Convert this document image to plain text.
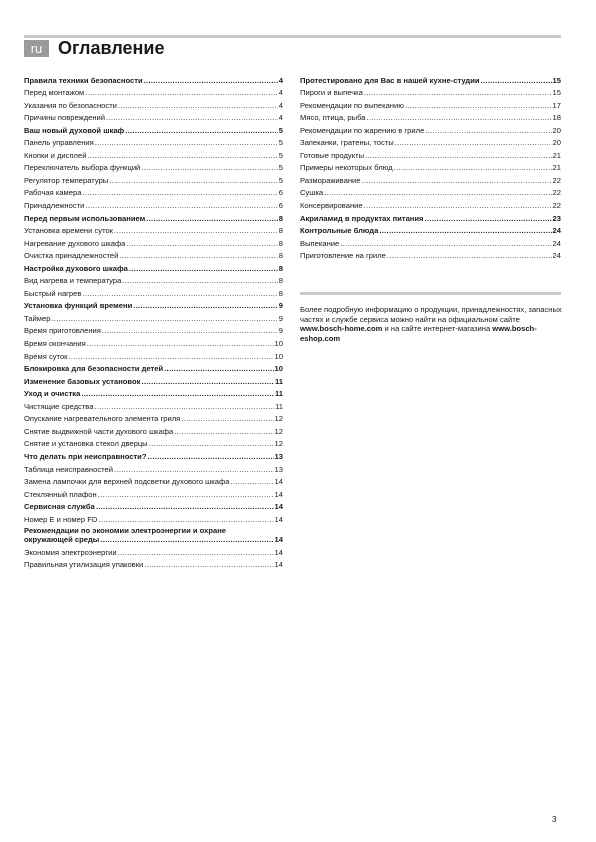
ru Оглавление
Правила техники безопасности .....	4
Перед монтажом .....	4
Указания по безопасности .....	4
Причины повреждений .....	4
Ваш новый духовой шкаф .....	5
Панель управления .....	5
Кнопки и дисплей .....	5
Переключатель выбора функций .....	5
Регулятор температуры .....	5
Рабочая камера .....	6
Принадлежности .....	6
Перед первым использованием .....	8
Установка времени суток .....	8
Нагревание духового шкафа .....	8
Очистка принадлежностей .....	8
Настройка духового шкафа .....	8
Вид нагрева и температура .....	8
Быстрый нагрев .....	8
Установка функций времени .....	9
Таймер .....	9
Время приготовления .....	9
Время окончания .....	10
Время суток .....	10
Блокировка для безопасности детей .....	10
Изменение базовых установок .....	11
Уход и очистка .....	11
Чистящие средства .....	11
Опускание нагревательного элемента гриля .....	12
Снятие выдвижной части духового шкафа .....	12
Снятие и установка стекол дверцы .....	12
Что делать при неисправности? .....	13
Таблица неисправностей .....	13
Замена лампочки для верхней подсветки духового шкафа .....	14
Стеклянный плафон .....	14
Сервисная служба .....	14
Номер Е и номер FD .....	14
Рекомендации по экономии электроэнергии и охране
окружающей среды .....	14
Экономия электроэнергии .....	14
Правильная утилизация упаковки .....	14
Протестировано для Вас в нашей кухне-студии .....	15
Пироги и выпечка .....	15
Рекомендации по выпеканию .....	17
Мясо, птица, рыба .....	18
Рекомендации по жарению в гриле .....	20
Запеканки, гратены, тосты .....	20
Готовые продукты .....	21
Примеры некоторых блюд .....	21
Размораживание .....	22
Сушка .....	22
Консервирование .....	22
Акриламид в продуктах питания .....	23
Контрольные блюда .....	24
Выпекание .....	24
Приготовление на гриле .....	24
Более подробную информацию о продукции, принадлежностях, запасных частях и службе сервиса можно найти на официальном сайте www.bosch-home.com и на сайте интернет-магазина www.bosch-eshop.com
3
